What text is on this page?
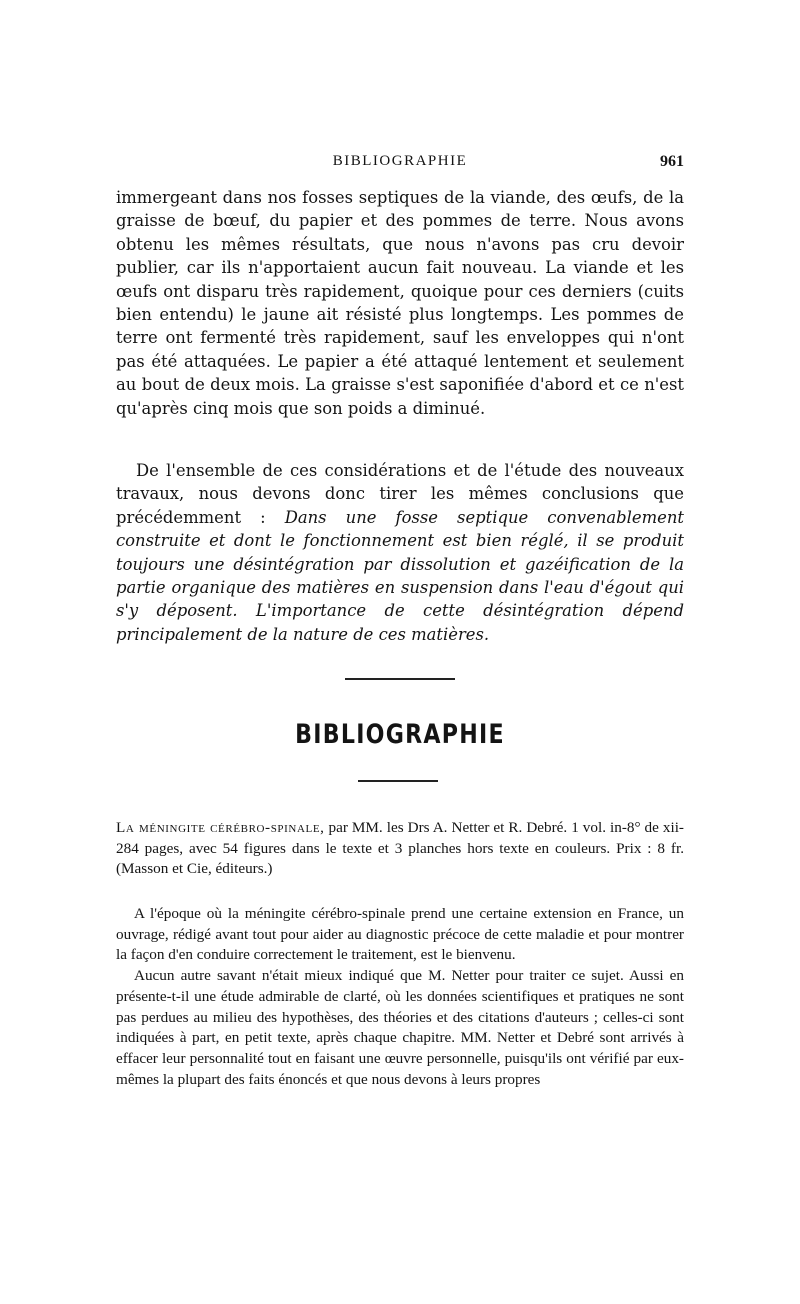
BIBLIOGRAPHIE	961

immergeant dans nos fosses septiques de la viande, des œufs, de la graisse de bœuf, du papier et des pommes de terre. Nous avons obtenu les mêmes résultats, que nous n'avons pas cru devoir publier, car ils n'apportaient aucun fait nouveau. La viande et les œufs ont disparu très rapidement, quoique pour ces derniers (cuits bien entendu) le jaune ait résisté plus longtemps. Les pommes de terre ont fermenté très rapidement, sauf les enveloppes qui n'ont pas été attaquées. Le papier a été attaqué lentement et seulement au bout de deux mois. La graisse s'est saponifiée d'abord et ce n'est qu'après cinq mois que son poids a diminué.

De l'ensemble de ces considérations et de l'étude des nouveaux travaux, nous devons donc tirer les mêmes conclusions que précédemment : Dans une fosse septique convenablement construite et dont le fonctionnement est bien réglé, il se produit toujours une désintégration par dissolution et gazéification de la partie organique des matières en suspension dans l'eau d'égout qui s'y déposent. L'importance de cette désintégration dépend principalement de la nature de ces matières.

BIBLIOGRAPHIE

La méningite cérébro-spinale, par MM. les Drs A. Netter et R. Debré. 1 vol. in-8° de xii-284 pages, avec 54 figures dans le texte et 3 planches hors texte en couleurs. Prix : 8 fr. (Masson et Cie, éditeurs.)

A l'époque où la méningite cérébro-spinale prend une certaine extension en France, un ouvrage, rédigé avant tout pour aider au diagnostic précoce de cette maladie et pour montrer la façon d'en conduire correctement le traitement, est le bienvenu.

Aucun autre savant n'était mieux indiqué que M. Netter pour traiter ce sujet. Aussi en présente-t-il une étude admirable de clarté, où les données scientifiques et pratiques ne sont pas perdues au milieu des hypothèses, des théories et des citations d'auteurs ; celles-ci sont indiquées à part, en petit texte, après chaque chapitre. MM. Netter et Debré sont arrivés à effacer leur personnalité tout en faisant une œuvre personnelle, puisqu'ils ont vérifié par eux-mêmes la plupart des faits énoncés et que nous devons à leurs propres
